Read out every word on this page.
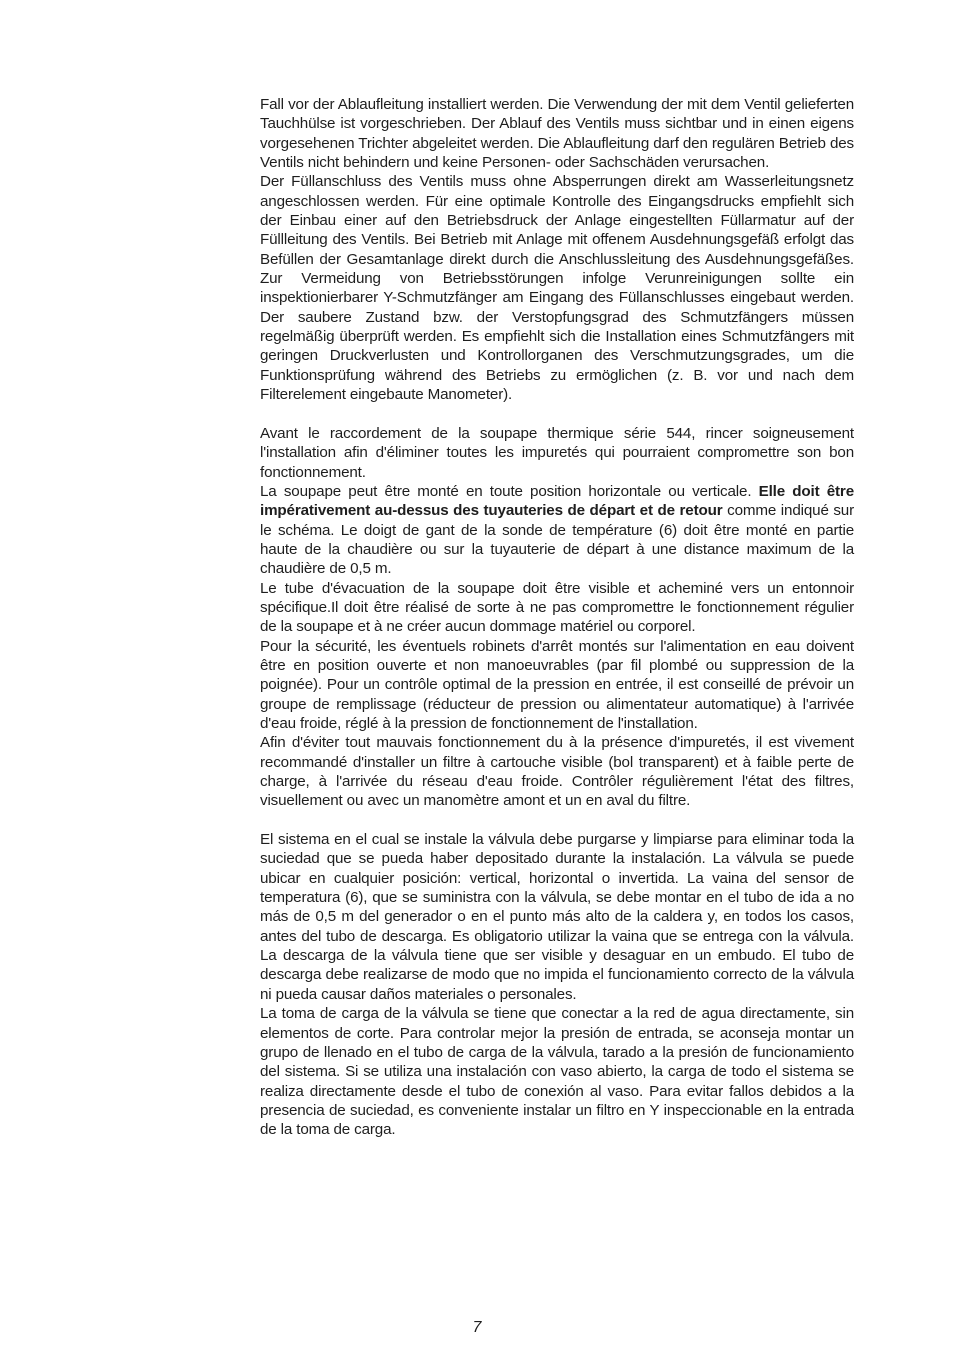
Fall vor der Ablaufleitung installiert werden. Die Verwendung der mit dem Ventil gelieferten Tauchhülse ist vorgeschrieben. Der Ablauf des Ventils muss sichtbar und in einen eigens vorgesehenen Trichter abgeleitet werden. Die Ablaufleitung darf den regulären Betrieb des Ventils nicht behindern und keine Personen- oder Sachschäden verursachen.

Der Füllanschluss des Ventils muss ohne Absperrungen direkt am Wasserleitungsnetz angeschlossen werden. Für eine optimale Kontrolle des Eingangsdrucks empfiehlt sich der Einbau einer auf den Betriebsdruck der Anlage eingestellten Füllarmatur auf der Füllleitung des Ventils. Bei Betrieb mit Anlage mit offenem Ausdehnungsgefäß erfolgt das Befüllen der Gesamtanlage direkt durch die Anschlussleitung des Ausdehnungsgefäßes. Zur Vermeidung von Betriebsstörungen infolge Verunreinigungen sollte ein inspektionierbarer Y-Schmutzfänger am Eingang des Füllanschlusses eingebaut werden. Der saubere Zustand bzw. der Verstopfungsgrad des Schmutzfängers müssen regelmäßig überprüft werden. Es empfiehlt sich die Installation eines Schmutzfängers mit geringen Druckverlusten und Kontrollorganen des Verschmutzungsgrades, um die Funktionsprüfung während des Betriebs zu ermöglichen (z. B. vor und nach dem Filterelement eingebaute Manometer).

Avant le raccordement de la soupape thermique série 544, rincer soigneusement l'installation afin d'éliminer toutes les impuretés qui pourraient compromettre son bon fonctionnement.

La soupape peut être monté en toute position horizontale ou verticale. Elle doit être impérativement au-dessus des tuyauteries de départ et de retour comme indiqué sur le schéma. Le doigt de gant de la sonde de température (6) doit être monté en partie haute de la chaudière ou sur la tuyauterie de départ à une distance maximum de la chaudière de 0,5 m.

Le tube d'évacuation de la soupape doit être visible et acheminé vers un entonnoir spécifique.Il doit être réalisé de sorte à ne pas compromettre le fonctionnement régulier de la soupape et à ne créer aucun dommage matériel ou corporel.

Pour la sécurité, les éventuels robinets d'arrêt montés sur l'alimentation en eau doivent être en position ouverte et non manoeuvrables (par fil plombé ou suppression de la poignée). Pour un contrôle optimal de la pression en entrée, il est conseillé de prévoir un groupe de remplissage (réducteur de pression ou alimentateur automatique) à l'arrivée d'eau froide, réglé à la pression de fonctionnement de l'installation.

Afin d'éviter tout mauvais fonctionnement du à la présence d'impuretés, il est vivement recommandé d'installer un filtre à cartouche visible (bol transparent) et à faible perte de charge, à l'arrivée du réseau d'eau froide. Contrôler régulièrement l'état des filtres, visuellement ou avec un manomètre amont et un en aval du filtre.

El sistema en el cual se instale la válvula debe purgarse y limpiarse para eliminar toda la suciedad que se pueda haber depositado durante la instalación. La válvula se puede ubicar en cualquier posición: vertical, horizontal o invertida. La vaina del sensor de temperatura (6), que se suministra con la válvula, se debe montar en el tubo de ida a no más de 0,5 m del generador o en el punto más alto de la caldera y, en todos los casos, antes del tubo de descarga. Es obligatorio utilizar la vaina que se entrega con la válvula. La descarga de la válvula tiene que ser visible y desaguar en un embudo. El tubo de descarga debe realizarse de modo que no impida el funcionamiento correcto de la válvula ni pueda causar daños materiales o personales.

La toma de carga de la válvula se tiene que conectar a la red de agua directamente, sin elementos de corte. Para controlar mejor la presión de entrada, se aconseja montar un grupo de llenado en el tubo de carga de la válvula, tarado a la presión de funcionamiento del sistema. Si se utiliza una instalación con vaso abierto, la carga de todo el sistema se realiza directamente desde el tubo de conexión al vaso. Para evitar fallos debidos a la presencia de suciedad, es conveniente instalar un filtro en Y inspeccionable en la entrada de la toma de carga.

7
